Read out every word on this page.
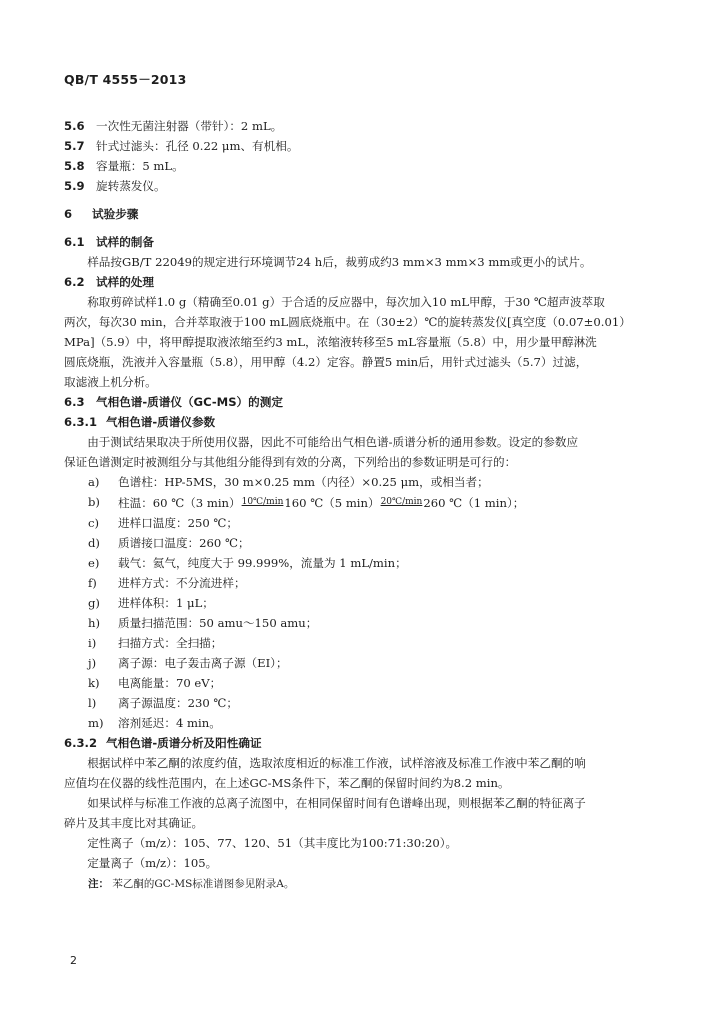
QB/T 4555－2013
5.6 一次性无菌注射器（带针）：2 mL。
5.7 针式过滤头：孔径 0.22 μm、有机相。
5.8 容量瓶：5 mL。
5.9 旋转蒸发仪。
6	试验步骤
6.1 试样的制备
样品按GB/T 22049的规定进行环境调节24 h后，裁剪成约3 mm×3 mm×3 mm或更小的试片。
6.2 试样的处理
称取剪碎试样1.0 g（精确至0.01 g）于合适的反应器中，每次加入10 mL甲醇，于30 ℃超声波萃取
两次，每次30 min，合并萃取液于100 mL圆底烧瓶中。在（30±2）℃的旋转蒸发仪[真空度（0.07±0.01）
MPa]（5.9）中，将甲醇提取液浓缩至约3 mL，浓缩液转移至5 mL容量瓶（5.8）中，用少量甲醇淋洗
圆底烧瓶，洗液并入容量瓶（5.8），用甲醇（4.2）定容。静置5 min后，用针式过滤头（5.7）过滤，
取滤液上机分析。
6.3 气相色谱-质谱仪（GC-MS）的测定
6.3.1 气相色谱-质谱仪参数
由于测试结果取决于所使用仪器，因此不可能给出气相色谱-质谱分析的通用参数。设定的参数应
保证色谱测定时被测组分与其他组分能得到有效的分离，下列给出的参数证明是可行的：
a)	色谱柱：HP-5MS，30 m×0.25 mm（内径）×0.25 μm，或相当者；
b)	柱温：60 ℃（3 min）10℃/min160 ℃（5 min）20℃/min260 ℃（1 min）；
c)	进样口温度：250 ℃；
d)	质谱接口温度：260 ℃；
e)	载气：氦气，纯度大于 99.999%，流量为 1 mL/min；
f)	进样方式：不分流进样；
g)	进样体积：1 μL；
h)	质量扫描范围：50 amu～150 amu；
i)	扫描方式：全扫描；
j)	离子源：电子轰击离子源（EI）；
k)	电离能量：70 eV；
l)	离子源温度：230 ℃；
m)	溶剂延迟：4 min。
6.3.2 气相色谱-质谱分析及阳性确证
根据试样中苯乙酮的浓度约值，选取浓度相近的标准工作液，试样溶液及标准工作液中苯乙酮的响
应值均在仪器的线性范围内，在上述GC-MS条件下，苯乙酮的保留时间约为8.2 min。
如果试样与标准工作液的总离子流图中，在相同保留时间有色谱峰出现，则根据苯乙酮的特征离子
碎片及其丰度比对其确证。
定性离子（m/z）：105、77、120、51（其丰度比为100:71:30:20）。
定量离子（m/z）：105。
注： 苯乙酮的GC-MS标准谱图参见附录A。
2
